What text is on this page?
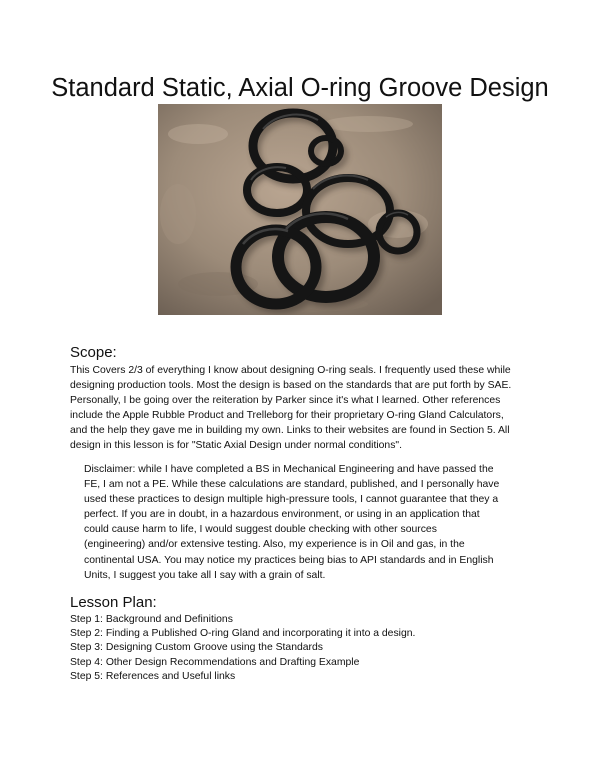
Standard Static, Axial O-ring Groove Design
Scope:
This Covers 2/3 of everything I know about designing O-ring seals. I frequently used these while
designing production tools. Most the design is based on the standards that are put forth by SAE.
Personally, I be going over the reiteration by Parker since it's what I learned. Other references
include the Apple Rubble Product and Trelleborg for their proprietary O-ring Gland Calculators,
and the help they gave me in building my own. Links to their websites are found in Section 5. All
design in this lesson is for "Static Axial Design under normal conditions".
Disclaimer: while I have completed a BS in Mechanical Engineering and have passed the
FE, I am not a PE. While these calculations are standard, published, and I personally have
used these practices to design multiple high-pressure tools, I cannot guarantee that they a
perfect. If you are in doubt, in a hazardous environment, or using in an application that
could cause harm to life, I would suggest double checking with other sources
(engineering) and/or extensive testing. Also, my experience is in Oil and gas, in the
continental USA. You may notice my practices being bias to API standards and in English
Units, I suggest you take all I say with a grain of salt.
Lesson Plan:
Step 1: Background and Definitions
Step 2: Finding a Published O-ring Gland and incorporating it into a design.
Step 3: Designing Custom Groove using the Standards
Step 4: Other Design Recommendations and Drafting Example
Step 5: References and Useful links
